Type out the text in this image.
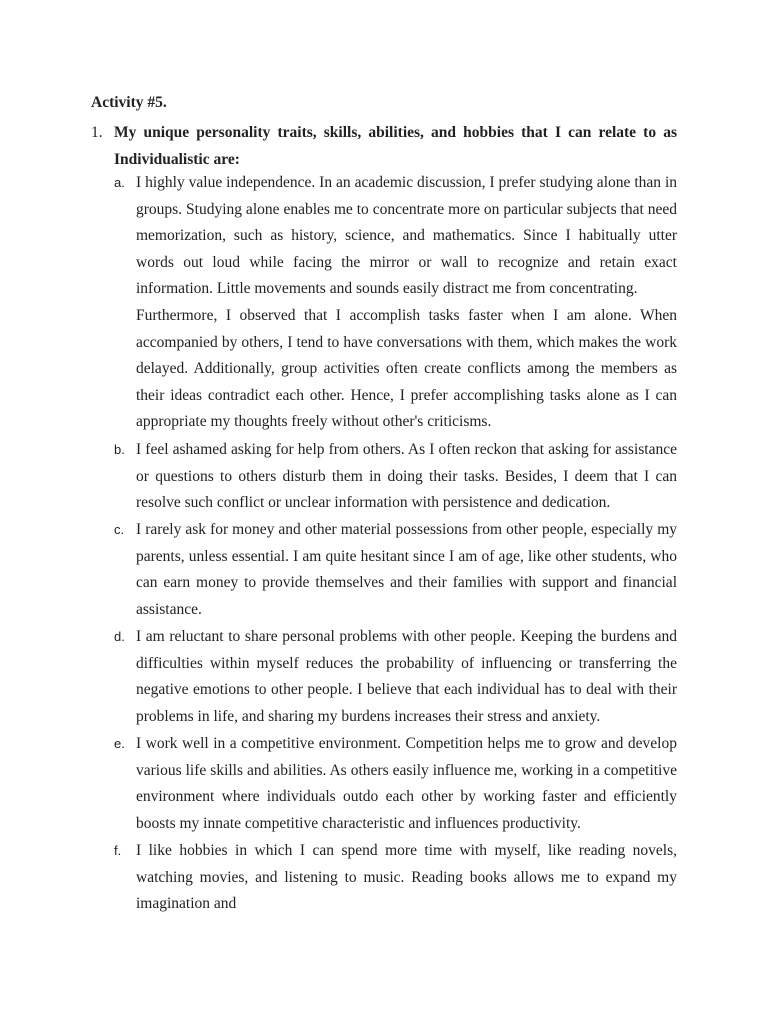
Activity #5.
1. My unique personality traits, skills, abilities, and hobbies that I can relate to as Individualistic are:
a. I highly value independence. In an academic discussion, I prefer studying alone than in groups. Studying alone enables me to concentrate more on particular subjects that need memorization, such as history, science, and mathematics. Since I habitually utter words out loud while facing the mirror or wall to recognize and retain exact information. Little movements and sounds easily distract me from concentrating.

Furthermore, I observed that I accomplish tasks faster when I am alone. When accompanied by others, I tend to have conversations with them, which makes the work delayed. Additionally, group activities often create conflicts among the members as their ideas contradict each other. Hence, I prefer accomplishing tasks alone as I can appropriate my thoughts freely without other's criticisms.

b. I feel ashamed asking for help from others. As I often reckon that asking for assistance or questions to others disturb them in doing their tasks. Besides, I deem that I can resolve such conflict or unclear information with persistence and dedication.

c. I rarely ask for money and other material possessions from other people, especially my parents, unless essential. I am quite hesitant since I am of age, like other students, who can earn money to provide themselves and their families with support and financial assistance.

d. I am reluctant to share personal problems with other people. Keeping the burdens and difficulties within myself reduces the probability of influencing or transferring the negative emotions to other people. I believe that each individual has to deal with their problems in life, and sharing my burdens increases their stress and anxiety.

e. I work well in a competitive environment. Competition helps me to grow and develop various life skills and abilities. As others easily influence me, working in a competitive environment where individuals outdo each other by working faster and efficiently boosts my innate competitive characteristic and influences productivity.

f. I like hobbies in which I can spend more time with myself, like reading novels, watching movies, and listening to music. Reading books allows me to expand my imagination and
